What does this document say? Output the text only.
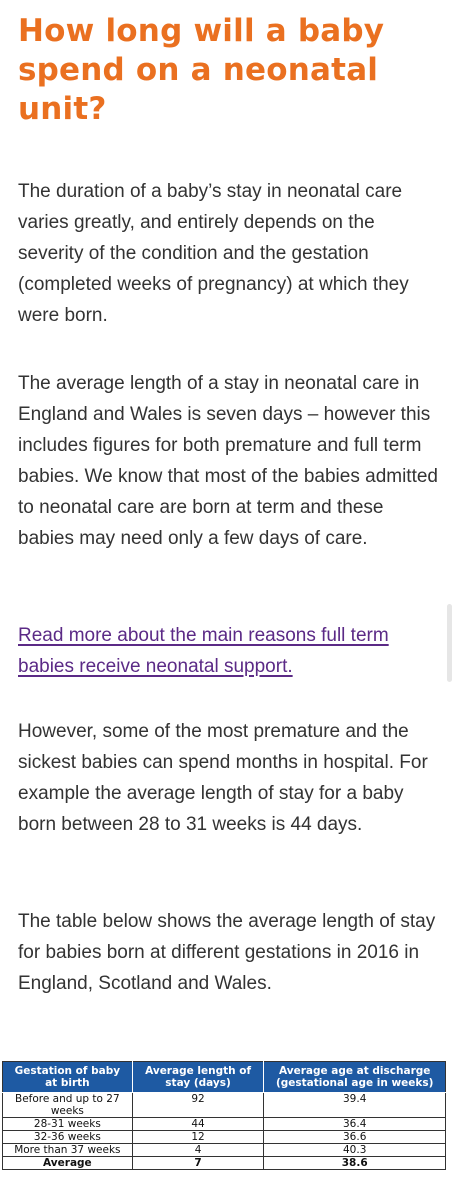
How long will a baby spend on a neonatal unit?

The duration of a baby’s stay in neonatal care varies greatly, and entirely depends on the severity of the condition and the gestation (completed weeks of pregnancy) at which they were born.

The average length of a stay in neonatal care in England and Wales is seven days – however this includes figures for both premature and full term babies. We know that most of the babies admitted to neonatal care are born at term and these babies may need only a few days of care.

Read more about the main reasons full term babies receive neonatal support.

However, some of the most premature and the sickest babies can spend months in hospital. For example the average length of stay for a baby born between 28 to 31 weeks is 44 days.

The table below shows the average length of stay for babies born at different gestations in 2016 in England, Scotland and Wales.

Gestation of baby at birth	Average length of stay (days)	Average age at discharge (gestational age in weeks)
Before and up to 27 weeks	92	39.4
28-31 weeks	44	36.4
32-36 weeks	12	36.6
More than 37 weeks	4	40.3
Average	7	38.6
